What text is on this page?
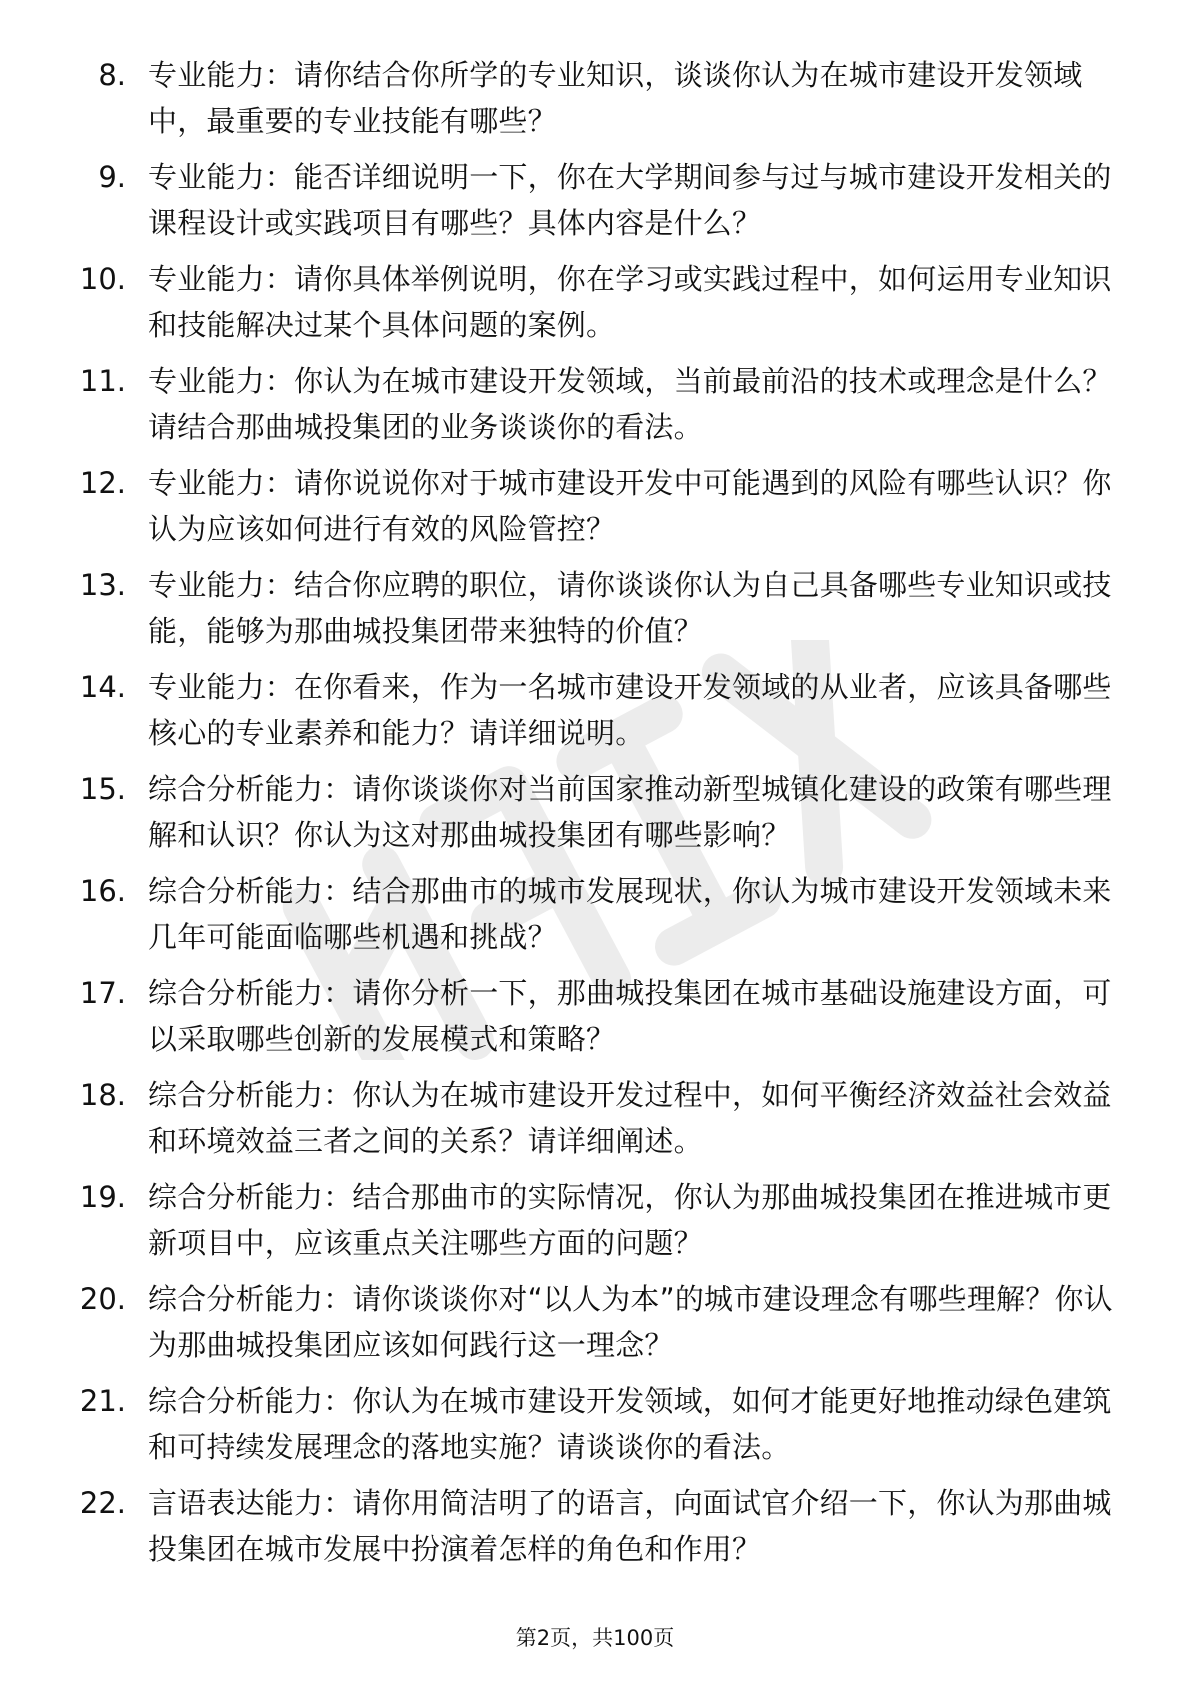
8. 专业能力：请你结合你所学的专业知识，谈谈你认为在城市建设开发领域中，最重要的专业技能有哪些？
9. 专业能力：能否详细说明一下，你在大学期间参与过与城市建设开发相关的课程设计或实践项目有哪些？具体内容是什么？
10. 专业能力：请你具体举例说明，你在学习或实践过程中，如何运用专业知识和技能解决过某个具体问题的案例。
11. 专业能力：你认为在城市建设开发领域，当前最前沿的技术或理念是什么？请结合那曲城投集团的业务谈谈你的看法。
12. 专业能力：请你说说你对于城市建设开发中可能遇到的风险有哪些认识？你认为应该如何进行有效的风险管控？
13. 专业能力：结合你应聘的职位，请你谈谈你认为自己具备哪些专业知识或技能，能够为那曲城投集团带来独特的价值？
14. 专业能力：在你看来，作为一名城市建设开发领域的从业者，应该具备哪些核心的专业素养和能力？请详细说明。
15. 综合分析能力：请你谈谈你对当前国家推动新型城镇化建设的政策有哪些理解和认识？你认为这对那曲城投集团有哪些影响？
16. 综合分析能力：结合那曲市的城市发展现状，你认为城市建设开发领域未来几年可能面临哪些机遇和挑战？
17. 综合分析能力：请你分析一下，那曲城投集团在城市基础设施建设方面，可以采取哪些创新的发展模式和策略？
18. 综合分析能力：你认为在城市建设开发过程中，如何平衡经济效益社会效益和环境效益三者之间的关系？请详细阐述。
19. 综合分析能力：结合那曲市的实际情况，你认为那曲城投集团在推进城市更新项目中，应该重点关注哪些方面的问题？
20. 综合分析能力：请你谈谈你对“以人为本”的城市建设理念有哪些理解？你认为那曲城投集团应该如何践行这一理念？
21. 综合分析能力：你认为在城市建设开发领域，如何才能更好地推动绿色建筑和可持续发展理念的落地实施？请谈谈你的看法。
22. 言语表达能力：请你用简洁明了的语言，向面试官介绍一下，你认为那曲城投集团在城市发展中扮演着怎样的角色和作用？
第2页，共100页
